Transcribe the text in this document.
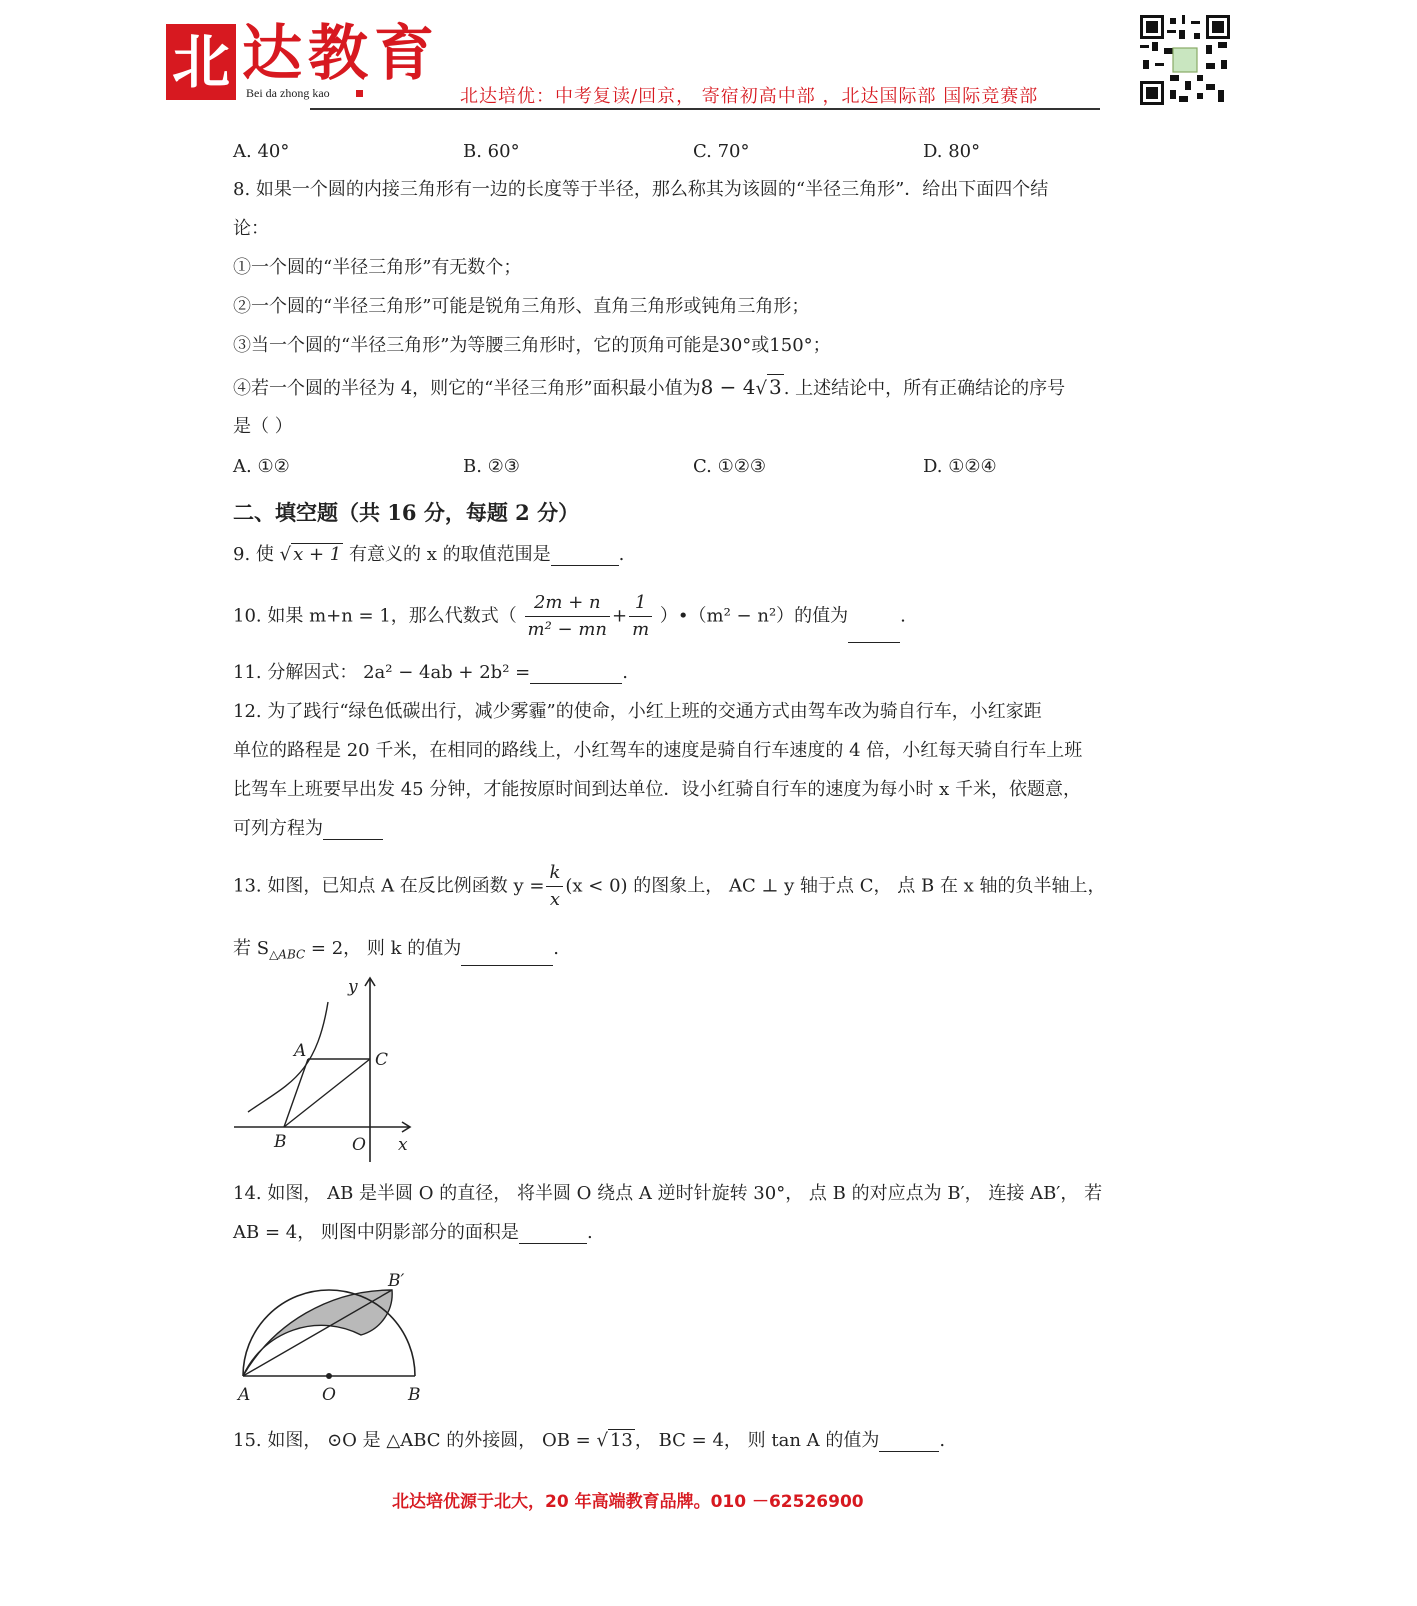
北 达教育
Bei da zhong kao	北达培优：中考复读/回京， 寄宿初高中部 ，北达国际部 国际竞赛部
A. 40°	B. 60°	C. 70°	D. 80°
8. 如果一个圆的内接三角形有一边的长度等于半径，那么称其为该圆的“半径三角形”．给出下面四个结
论：
①一个圆的“半径三角形”有无数个；
②一个圆的“半径三角形”可能是锐角三角形、直角三角形或钝角三角形；
③当一个圆的“半径三角形”为等腰三角形时，它的顶角可能是30°或150°；
④若一个圆的半径为 4，则它的“半径三角形”面积最小值为8 − 4√ 3 . 上述结论中，所有正确结论的序号
是（ ）
A. ①②	B. ②③	C. ①②③	D. ①②④
二、填空题（共 16 分，每题 2 分）
9. 使 √ x + 1 有意义的 x 的取值范围是	.
10. 如果 m+n = 1，那么代数式（ $\frac{2m + n}{\text{m² − mn}} + \frac{1}{m}$ ）•（m² − n²）的值为	.
11. 分解因式： 2a² − 4ab + 2b² =	.
12. 为了践行“绿色低碳出行，减少雾霾”的使命，小红上班的交通方式由驾车改为骑自行车，小红家距
单位的路程是 20 千米，在相同的路线上，小红驾车的速度是骑自行车速度的 4 倍，小红每天骑自行车上班
比驾车上班要早出发 45 分钟，才能按原时间到达单位．设小红骑自行车的速度为每小时 x 千米，依题意，
可列方程为
13. 如图，已知点 A 在反比例函数 $y = \frac{k}{x} (x < 0)$ 的图象上， AC ⊥ y 轴于点 C， 点 B 在 x 轴的负半轴上，
若 $S_{\triangle ABC} = 2$， 则 k 的值为	.
y
A	C
B	O x
14. 如图， AB 是半圆 O 的直径， 将半圆 O 绕点 A 逆时针旋转 30°， 点 B 的对应点为 B′， 连接 AB′， 若
AB = 4， 则图中阴影部分的面积是	.
A	O	B
B′
15. 如图， ⊙O 是 △ABC 的外接圆， OB = √ 13 ， BC = 4， 则 tan A 的值为	.
北达培优源于北大，20 年高端教育品牌。010 －62526900
